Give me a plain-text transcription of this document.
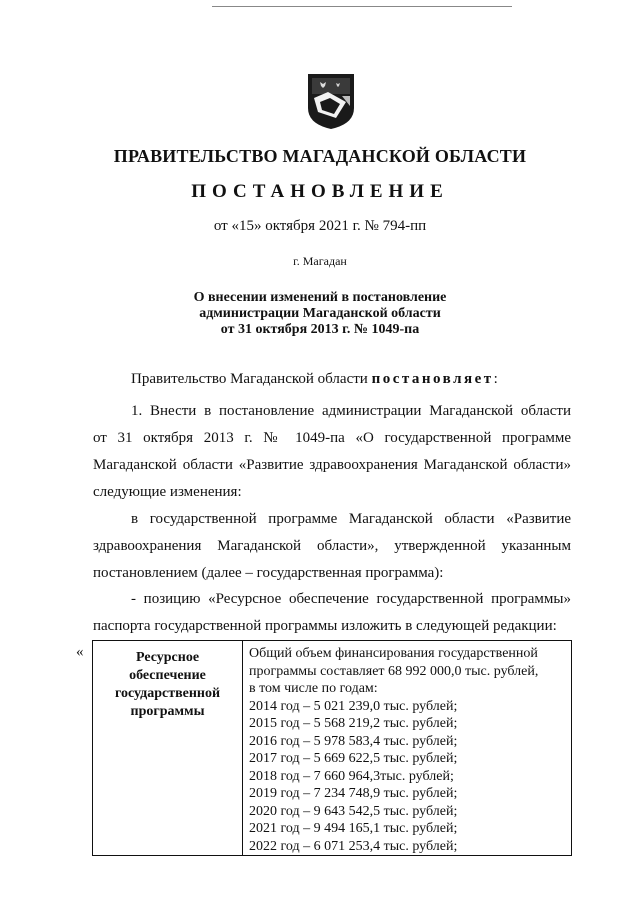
ПРАВИТЕЛЬСТВО МАГАДАНСКОЙ ОБЛАСТИ
ПОСТАНОВЛЕНИЕ
от «15» октября 2021 г. № 794-пп
г. Магадан
О внесении изменений в постановление
администрации Магаданской области
от 31 октября 2013 г. № 1049-па
Правительство Магаданской области постановляет:
1. Внести в постановление администрации Магаданской области
от 31 октября 2013 г. № 1049-па «О государственной программе
Магаданской области «Развитие здравоохранения Магаданской области»
следующие изменения:
в государственной программе Магаданской области «Развитие
здравоохранения Магаданской области», утвержденной указанным
постановлением (далее – государственная программа):
- позицию «Ресурсное обеспечение государственной программы»
паспорта государственной программы изложить в следующей редакции:
«	Ресурсное
обеспечение
государственной
программы
Общий объем финансирования государственной
программы составляет 68 992 000,0 тыс. рублей,
в том числе по годам:
2014 год – 5 021 239,0 тыс. рублей;
2015 год – 5 568 219,2 тыс. рублей;
2016 год – 5 978 583,4 тыс. рублей;
2017 год – 5 669 622,5 тыс. рублей;
2018 год – 7 660 964,3тыс. рублей;
2019 год – 7 234 748,9 тыс. рублей;
2020 год – 9 643 542,5 тыс. рублей;
2021 год – 9 494 165,1 тыс. рублей;
2022 год – 6 071 253,4 тыс. рублей;
